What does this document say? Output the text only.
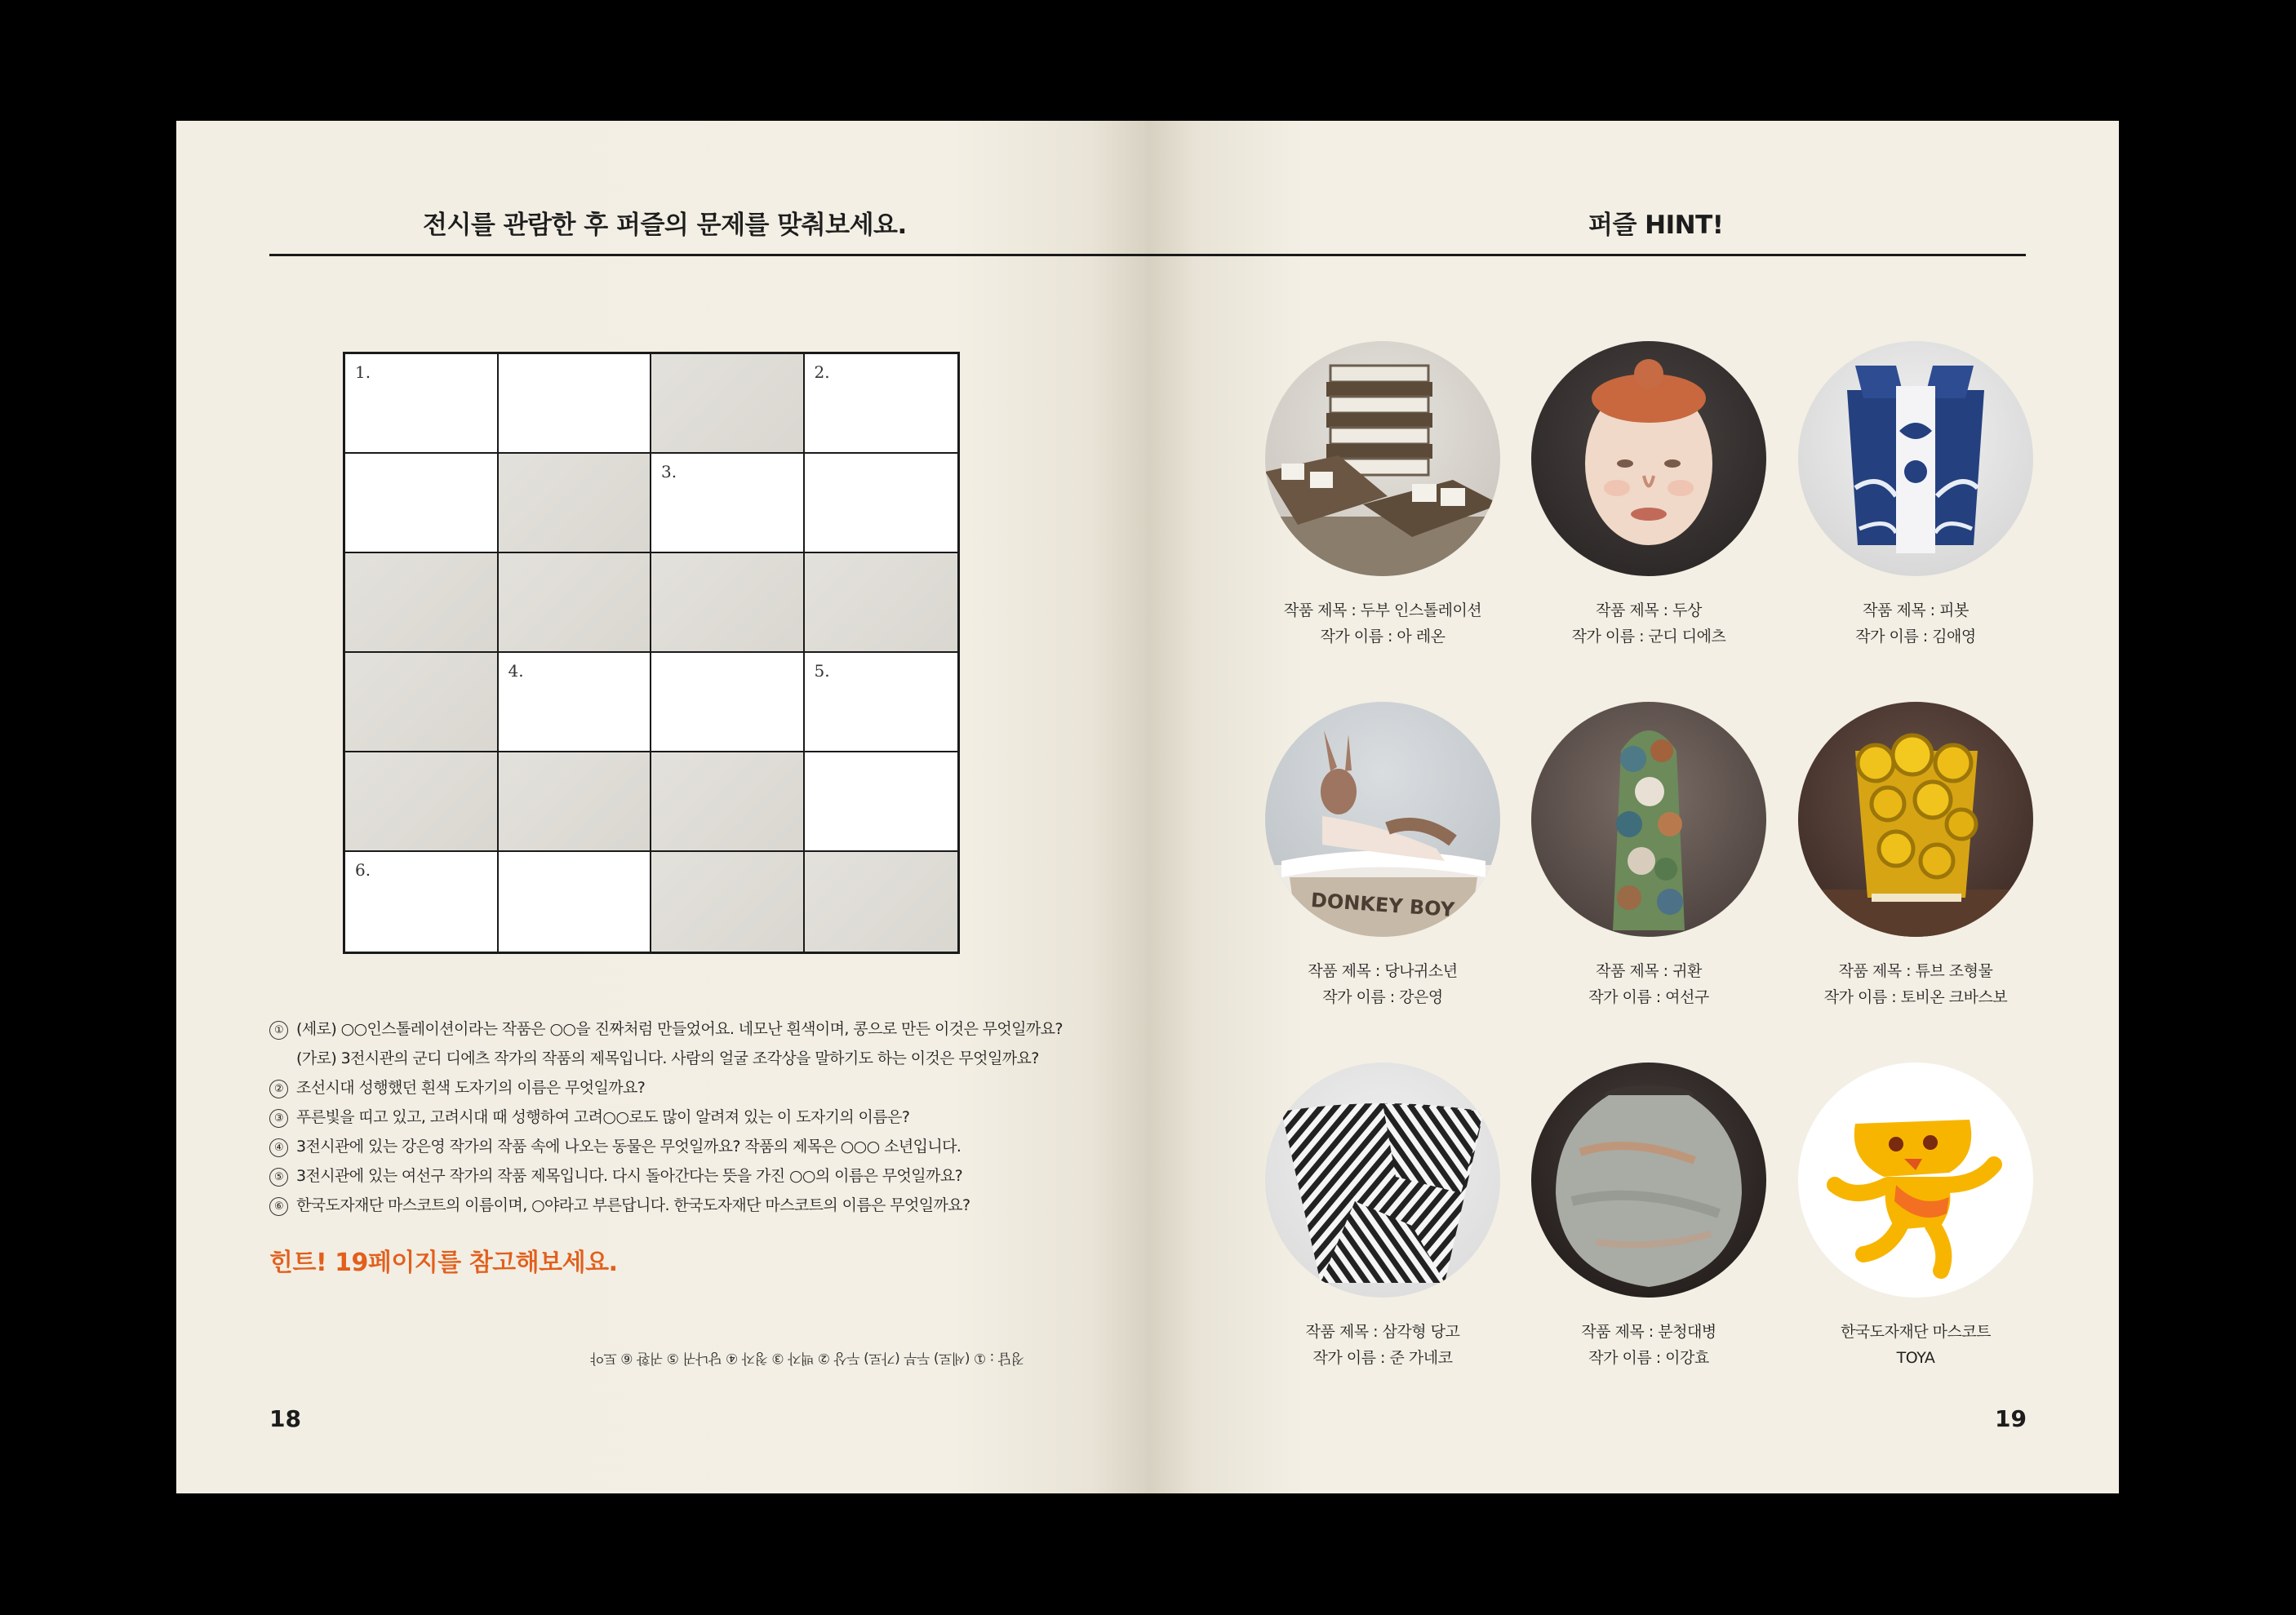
전시를 관람한 후 퍼즐의 문제를 맞춰보세요.
1.	2.
3.
4.	5.
6.
① (세로) ○○인스톨레이션이라는 작품은 ○○을 진짜처럼 만들었어요. 네모난 흰색이며, 콩으로 만든 이것은 무엇일까요?
(가로) 3전시관의 군디 디에츠 작가의 작품의 제목입니다. 사람의 얼굴 조각상을 말하기도 하는 이것은 무엇일까요?
② 조선시대 성행했던 흰색 도자기의 이름은 무엇일까요?
③ 푸른빛을 띠고 있고, 고려시대 때 성행하여 고려○○로도 많이 알려져 있는 이 도자기의 이름은?
④ 3전시관에 있는 강은영 작가의 작품 속에 나오는 동물은 무엇일까요? 작품의 제목은 ○○○ 소년입니다.
⑤ 3전시관에 있는 여선구 작가의 작품 제목입니다. 다시 돌아간다는 뜻을 가진 ○○의 이름은 무엇일까요?
⑥ 한국도자재단 마스코트의 이름이며, ○야라고 부른답니다. 한국도자재단 마스코트의 이름은 무엇일까요?
힌트! 19페이지를 참고해보세요.
정답 : ① (세로) 두부 (가로) 두상 ② 백자 ③ 청자 ④ 당나귀 ⑤ 귀환 ⑥ 토야
18
퍼즐 HINT!
작품 제목 : 두부 인스톨레이션
작가 이름 : 아 레온
작품 제목 : 두상
작가 이름 : 군디 디에츠
작품 제목 : 피봇
작가 이름 : 김애영
DONKEY BOY
작품 제목 : 당나귀소년
작가 이름 : 강은영
작품 제목 : 귀환
작가 이름 : 여선구
작품 제목 : 튜브 조형물
작가 이름 : 토비온 크바스보
작품 제목 : 삼각형 당고
작가 이름 : 준 가네코
작품 제목 : 분청대병
작가 이름 : 이강효
한국도자재단 마스코트
TOYA
19
